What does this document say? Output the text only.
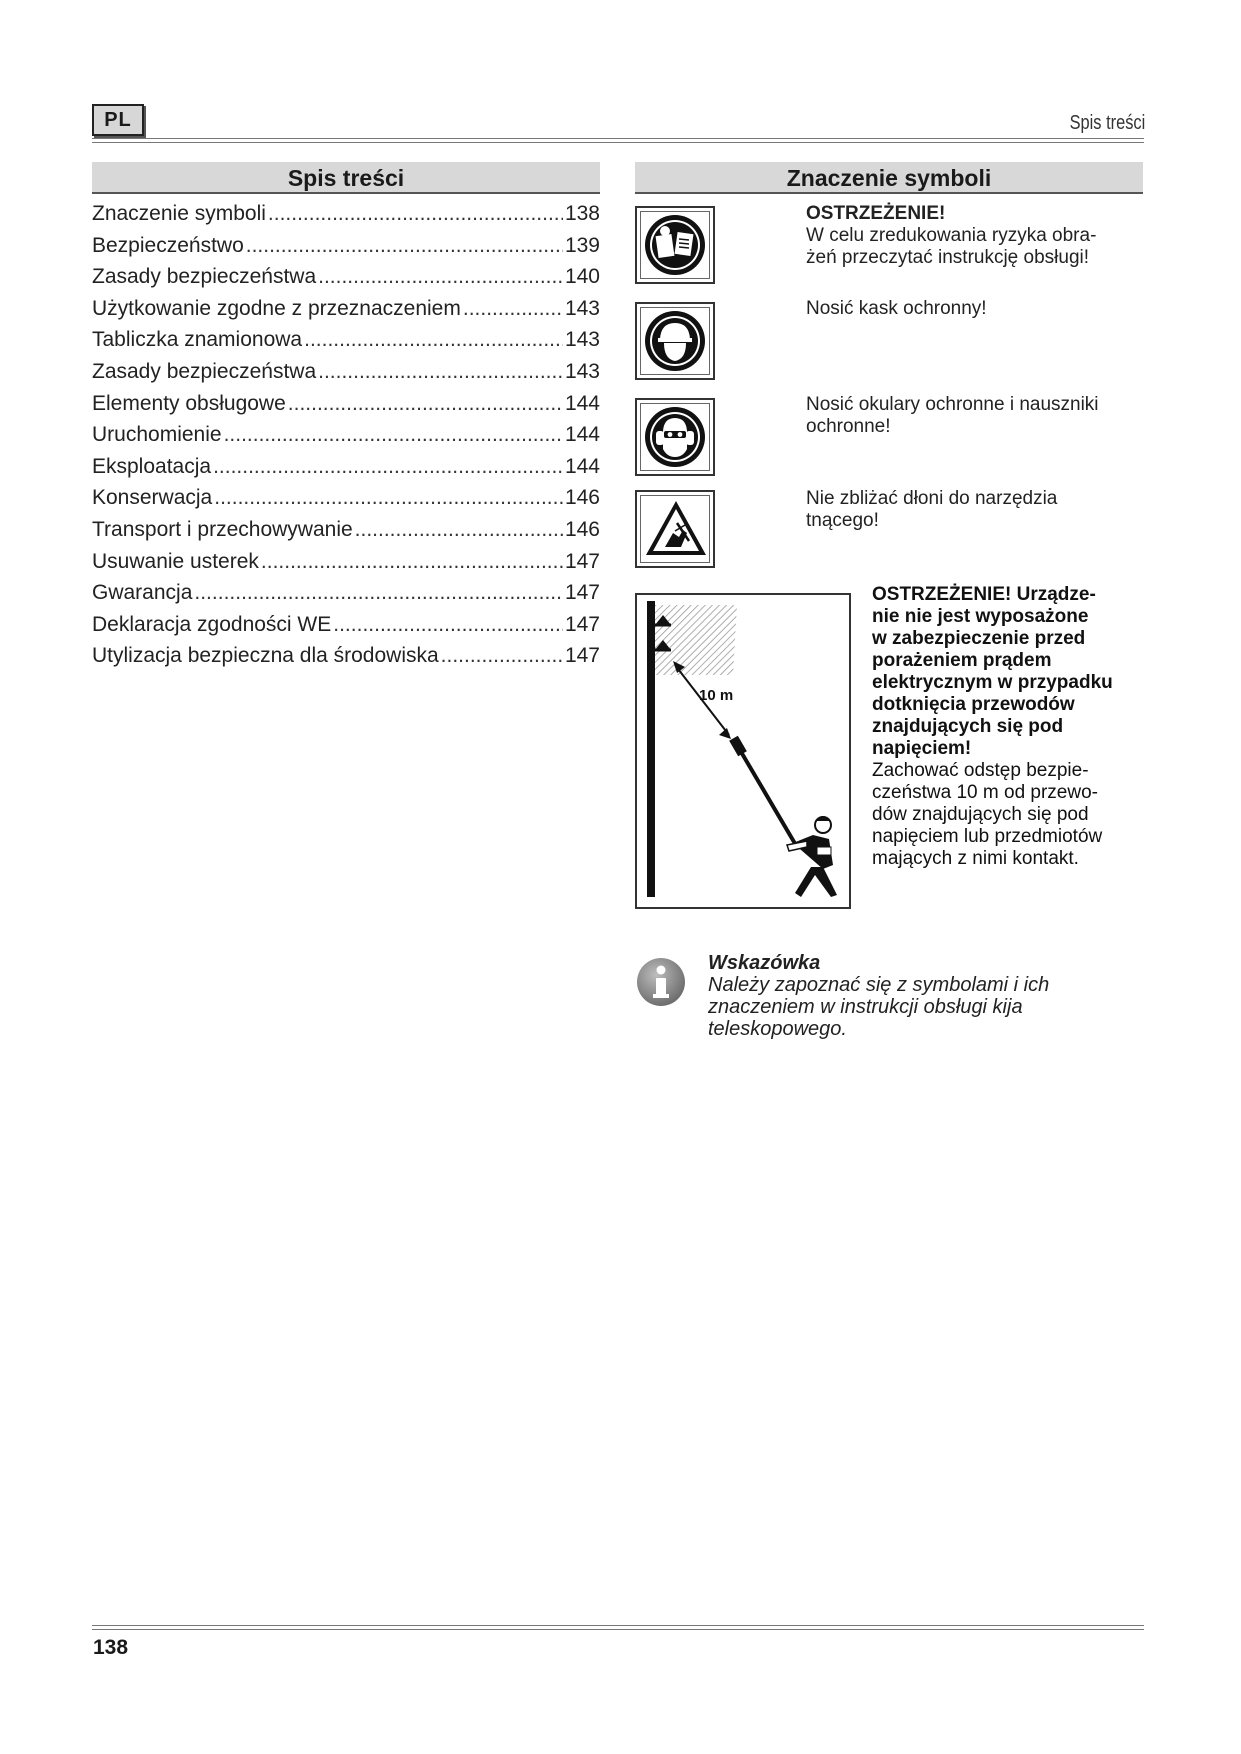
PL	Spis treści
Spis treści
Znaczenie symboli .....	138
Bezpieczeństwo .....	139
Zasady bezpieczeństwa .....	140
Użytkowanie zgodne z przeznaczeniem .....	143
Tabliczka znamionowa .....	143
Zasady bezpieczeństwa .....	143
Elementy obsługowe .....	144
Uruchomienie .....	144
Eksploatacja .....	144
Konserwacja .....	146
Transport i przechowywanie .....	146
Usuwanie usterek .....	147
Gwarancja .....	147
Deklaracja zgodności WE .....	147
Utylizacja bezpieczna dla środowiska .....	147
Znaczenie symboli
OSTRZEŻENIE!
W celu zredukowania ryzyka obra-
żeń przeczytać instrukcję obsługi!
Nosić kask ochronny!
Nosić okulary ochronne i nauszniki
ochronne!
Nie zbliżać dłoni do narzędzia
tnącego!
10 m
OSTRZEŻENIE! Urządze-
nie nie jest wyposażone
w zabezpieczenie przed
porażeniem prądem
elektrycznym w przypadku
dotknięcia przewodów
znajdujących się pod
napięciem!
Zachować odstęp bezpie-
czeństwa 10 m od przewo-
dów znajdujących się pod
napięciem lub przedmiotów
mających z nimi kontakt.
Wskazówka
Należy zapoznać się z symbolami i ich
znaczeniem w instrukcji obsługi kija
teleskopowego.
138
